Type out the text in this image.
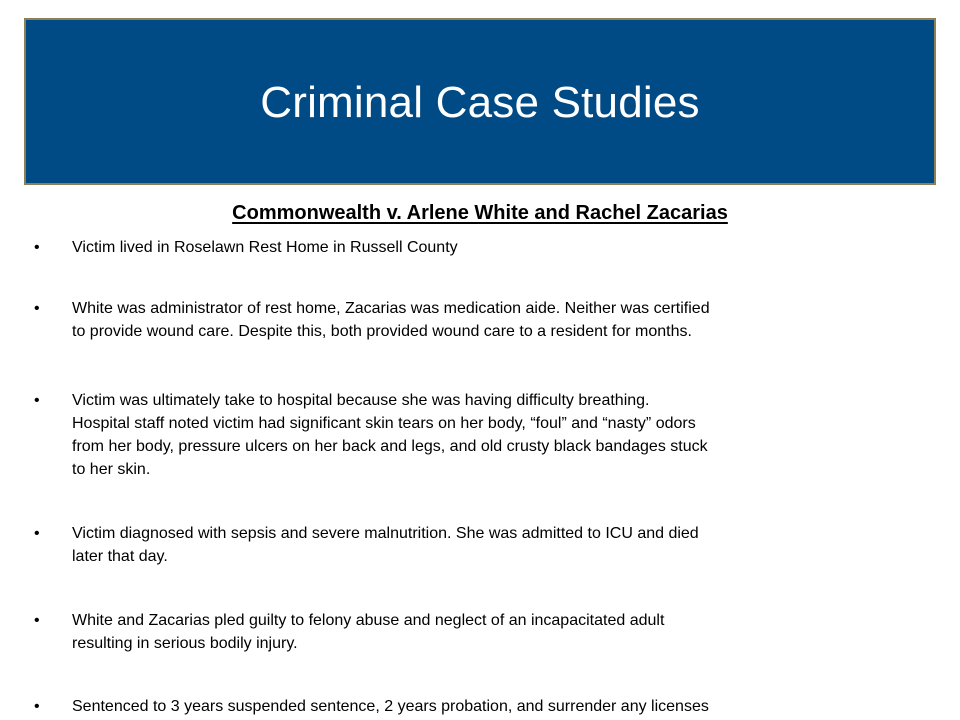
Criminal Case Studies
Commonwealth v. Arlene White and Rachel Zacarias
•	Victim lived in Roselawn Rest Home in Russell County
•	White was administrator of rest home, Zacarias was medication aide. Neither was certified
to provide wound care. Despite this, both provided wound care to a resident for months.
•	Victim was ultimately take to hospital because she was having difficulty breathing.
Hospital staff noted victim had significant skin tears on her body, “foul” and “nasty” odors
from her body, pressure ulcers on her back and legs, and old crusty black bandages stuck
to her skin.
•	Victim diagnosed with sepsis and severe malnutrition. She was admitted to ICU and died
later that day.
•	White and Zacarias pled guilty to felony abuse and neglect of an incapacitated adult
resulting in serious bodily injury.
•	Sentenced to 3 years suspended sentence, 2 years probation, and surrender any licenses
